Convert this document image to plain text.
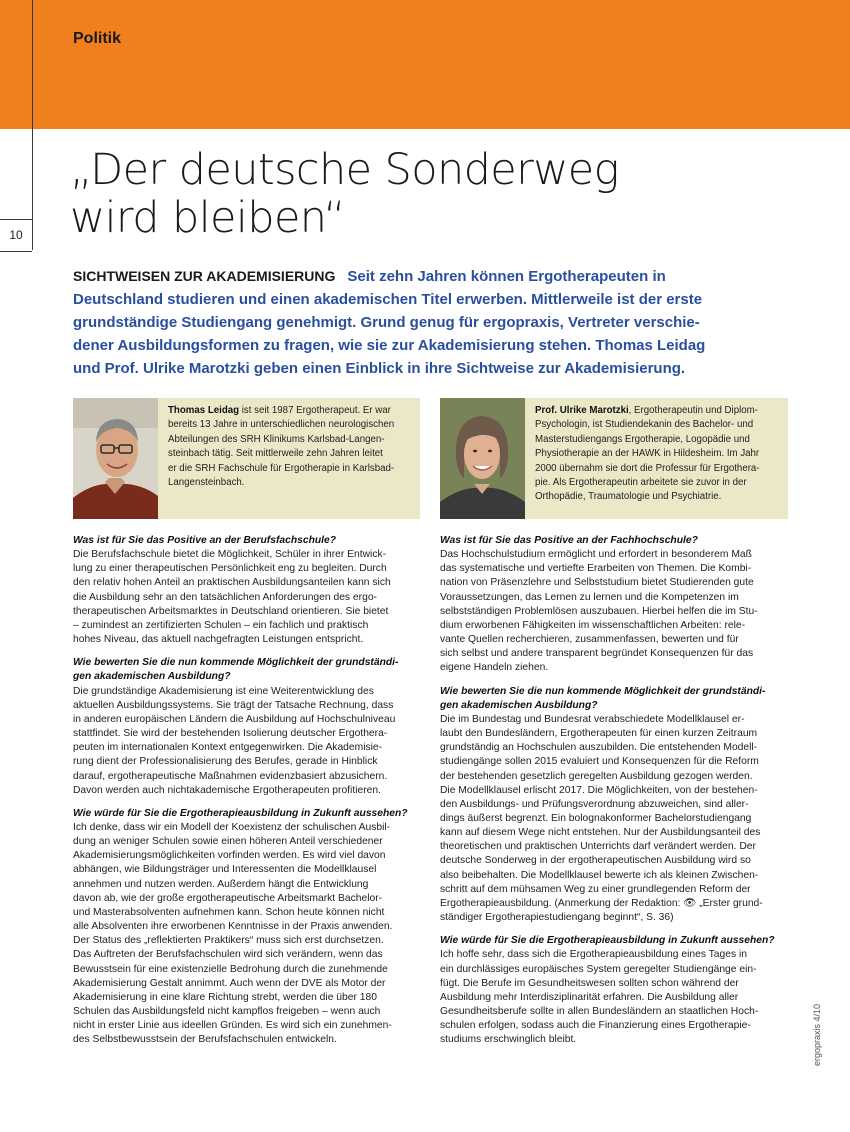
10
Politik
„Der deutsche Sonderweg
wird bleiben“
SICHTWEISEN ZUR AKADEMISIERUNG Seit zehn Jahren können Ergotherapeuten in
Deutschland studieren und einen akademischen Titel erwerben. Mittlerweile ist der erste
grundständige Studiengang genehmigt. Grund genug für ergopraxis, Vertreter verschie-
dener Ausbildungsformen zu fragen, wie sie zur Akademisierung stehen. Thomas Leidag
und Prof. Ulrike Marotzki geben einen Einblick in ihre Sichtweise zur Akademisierung.
Thomas Leidag ist seit 1987 Ergotherapeut. Er war
bereits 13 Jahre in unterschiedlichen neurologischen
Abteilungen des SRH Klinikums Karlsbad-Langen-
steinbach tätig. Seit mittlerweile zehn Jahren leitet
er die SRH Fachschule für Ergotherapie in Karlsbad-
Langensteinbach.
Prof. Ulrike Marotzki, Ergotherapeutin und Diplom-
Psychologin, ist Studiendekanin des Bachelor- und
Masterstudiengangs Ergotherapie, Logopädie und
Physiotherapie an der HAWK in Hildesheim. Im Jahr
2000 übernahm sie dort die Professur für Ergothera-
pie. Als Ergotherapeutin arbeitete sie zuvor in der
Orthopädie, Traumatologie und Psychiatrie.
Was ist für Sie das Positive an der Berufsfachschule?
Die Berufsfachschule bietet die Möglichkeit, Schüler in ihrer Entwick-
lung zu einer therapeutischen Persönlichkeit eng zu begleiten. Durch
den relativ hohen Anteil an praktischen Ausbildungsanteilen kann sich
die Ausbildung sehr an den tatsächlichen Anforderungen des ergo-
therapeutischen Arbeitsmarktes in Deutschland orientieren. Sie bietet
– zumindest an zertifizierten Schulen – ein fachlich und praktisch
hohes Niveau, das aktuell nachgefragten Leistungen entspricht.
Wie bewerten Sie die nun kommende Möglichkeit der grundständi-
gen akademischen Ausbildung?
Die grundständige Akademisierung ist eine Weiterentwicklung des
aktuellen Ausbildungssystems. Sie trägt der Tatsache Rechnung, dass
in anderen europäischen Ländern die Ausbildung auf Hochschulniveau
stattfindet. Sie wird der bestehenden Isolierung deutscher Ergothera-
peuten im internationalen Kontext entgegenwirken. Die Akademisie-
rung dient der Professionalisierung des Berufes, gerade in Hinblick
darauf, ergotherapeutische Maßnahmen evidenzbasiert abzusichern.
Davon werden auch nichtakademische Ergotherapeuten profitieren.
Wie würde für Sie die Ergotherapieausbildung in Zukunft aussehen?
Ich denke, dass wir ein Modell der Koexistenz der schulischen Ausbil-
dung an weniger Schulen sowie einen höheren Anteil verschiedener
Akademisierungsmöglichkeiten vorfinden werden. Es wird viel davon
abhängen, wie Bildungsträger und Interessenten die Modellklausel
annehmen und nutzen werden. Außerdem hängt die Entwicklung
davon ab, wie der große ergotherapeutische Arbeitsmarkt Bachelor-
und Masterabsolventen aufnehmen kann. Schon heute können nicht
alle Absolventen ihre erworbenen Kenntnisse in der Praxis anwenden.
Der Status des „reflektierten Praktikers“ muss sich erst durchsetzen.
Das Auftreten der Berufsfachschulen wird sich verändern, wenn das
Bewusstsein für eine existenzielle Bedrohung durch die zunehmende
Akademisierung Gestalt annimmt. Auch wenn der DVE als Motor der
Akademisierung in eine klare Richtung strebt, werden die über 180
Schulen das Ausbildungsfeld nicht kampflos freigeben – wenn auch
nicht in erster Linie aus ideellen Gründen. Es wird sich ein zunehmen-
des Selbstbewusstsein der Berufsfachschulen entwickeln.
Was ist für Sie das Positive an der Fachhochschule?
Das Hochschulstudium ermöglicht und erfordert in besonderem Maß
das systematische und vertiefte Erarbeiten von Themen. Die Kombi-
nation von Präsenzlehre und Selbststudium bietet Studierenden gute
Voraussetzungen, das Lernen zu lernen und die Kompetenzen im
selbstständigen Problemlösen auszubauen. Hierbei helfen die im Stu-
dium erworbenen Fähigkeiten im wissenschaftlichen Arbeiten: rele-
vante Quellen recherchieren, zusammenfassen, bewerten und für
sich selbst und andere transparent begründet Konsequenzen für das
eigene Handeln ziehen.
Wie bewerten Sie die nun kommende Möglichkeit der grundständi-
gen akademischen Ausbildung?
Die im Bundestag und Bundesrat verabschiedete Modellklausel er-
laubt den Bundesländern, Ergotherapeuten für einen kurzen Zeitraum
grundständig an Hochschulen auszubilden. Die entstehenden Modell-
studiengänge sollen 2015 evaluiert und Konsequenzen für die Reform
der bestehenden gesetzlich geregelten Ausbildung gezogen werden.
Die Modellklausel erlischt 2017. Die Möglichkeiten, von der bestehen-
den Ausbildungs- und Prüfungsverordnung abzuweichen, sind aller-
dings äußerst begrenzt. Ein bolognakonformer Bachelorstudiengang
kann auf diesem Wege nicht entstehen. Nur der Ausbildungsanteil des
theoretischen und praktischen Unterrichts darf verändert werden. Der
deutsche Sonderweg in der ergotherapeutischen Ausbildung wird so
also beibehalten. Die Modellklausel bewerte ich als kleinen Zwischen-
schritt auf dem mühsamen Weg zu einer grundlegenden Reform der
Ergotherapieausbildung. (Anmerkung der Redaktion: 👁 „Erster grund-
ständiger Ergotherapiestudiengang beginnt“, S. 36)
Wie würde für Sie die Ergotherapieausbildung in Zukunft aussehen?
Ich hoffe sehr, dass sich die Ergotherapieausbildung eines Tages in
ein durchlässiges europäisches System geregelter Studiengänge ein-
fügt. Die Berufe im Gesundheitswesen sollten schon während der
Ausbildung mehr Interdisziplinarität erfahren. Die Ausbildung aller
Gesundheitsberufe sollte in allen Bundesländern an staatlichen Hoch-
schulen erfolgen, sodass auch die Finanzierung eines Ergotherapie-
studiums erschwinglich bleibt.	ergopraxis 4/10
